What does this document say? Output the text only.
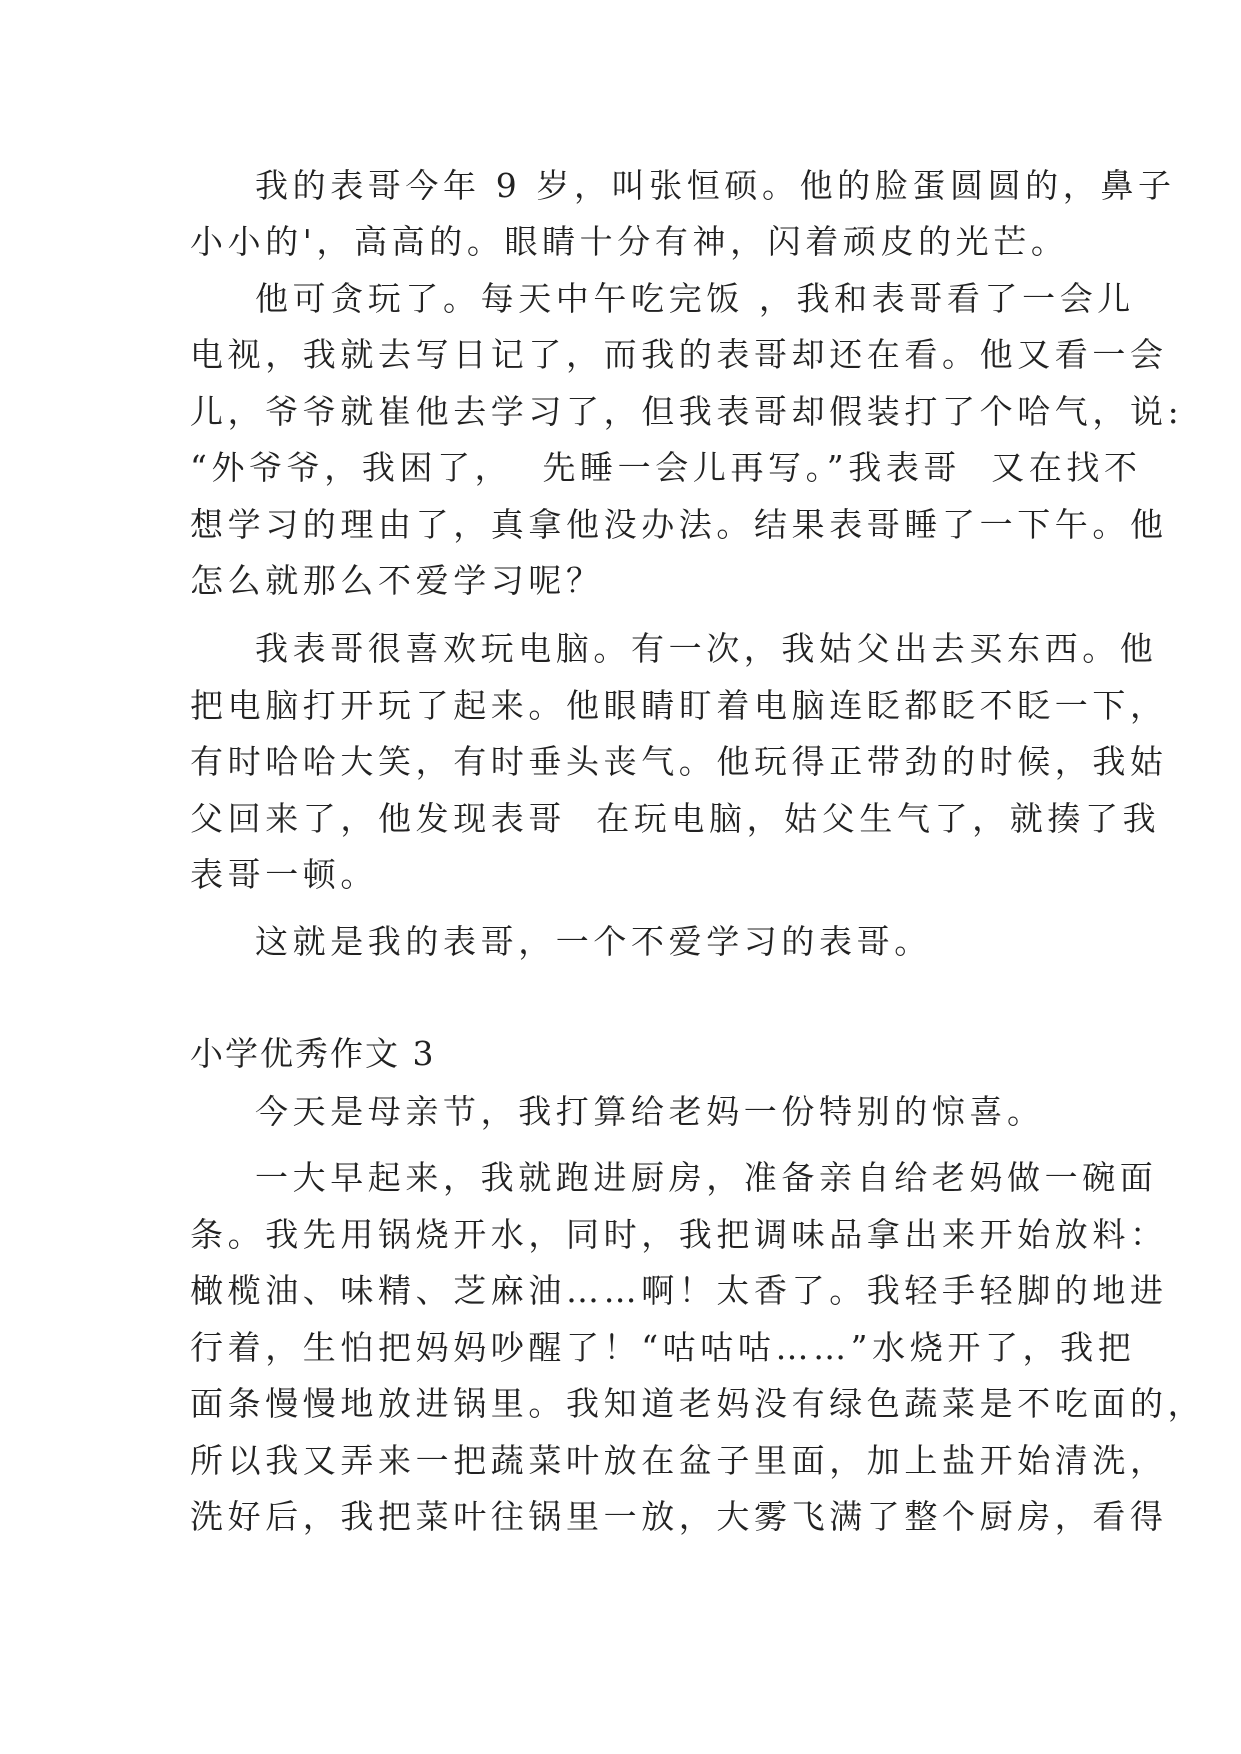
我的表哥今年 9 岁，叫张恒硕。他的脸蛋圆圆的，鼻子
小小的'，高高的。眼睛十分有神，闪着顽皮的光芒。
他可贪玩了。每天中午吃完饭 ，我和表哥看了一会儿
电视，我就去写日记了，而我的表哥却还在看。他又看一会
儿，爷爷就崔他去学习了，但我表哥却假装打了个哈气，说:
“外爷爷，我困了，  先睡一会儿再写。”我表哥  又在找不
想学习的理由了，真拿他没办法。结果表哥睡了一下午。他
怎么就那么不爱学习呢？
我表哥很喜欢玩电脑。有一次，我姑父出去买东西。他
把电脑打开玩了起来。他眼睛盯着电脑连眨都眨不眨一下，
有时哈哈大笑，有时垂头丧气。他玩得正带劲的时候，我姑
父回来了，他发现表哥  在玩电脑，姑父生气了，就揍了我
表哥一顿。
这就是我的表哥，一个不爱学习的表哥。
小学优秀作文 3
今天是母亲节，我打算给老妈一份特别的惊喜。
一大早起来，我就跑进厨房，准备亲自给老妈做一碗面
条。我先用锅烧开水，同时，我把调味品拿出来开始放料：
橄榄油、味精、芝麻油……啊！太香了。我轻手轻脚的地进
行着，生怕把妈妈吵醒了！“咕咕咕……”水烧开了，我把
面条慢慢地放进锅里。我知道老妈没有绿色蔬菜是不吃面的，
所以我又弄来一把蔬菜叶放在盆子里面，加上盐开始清洗，
洗好后，我把菜叶往锅里一放，大雾飞满了整个厨房，看得
